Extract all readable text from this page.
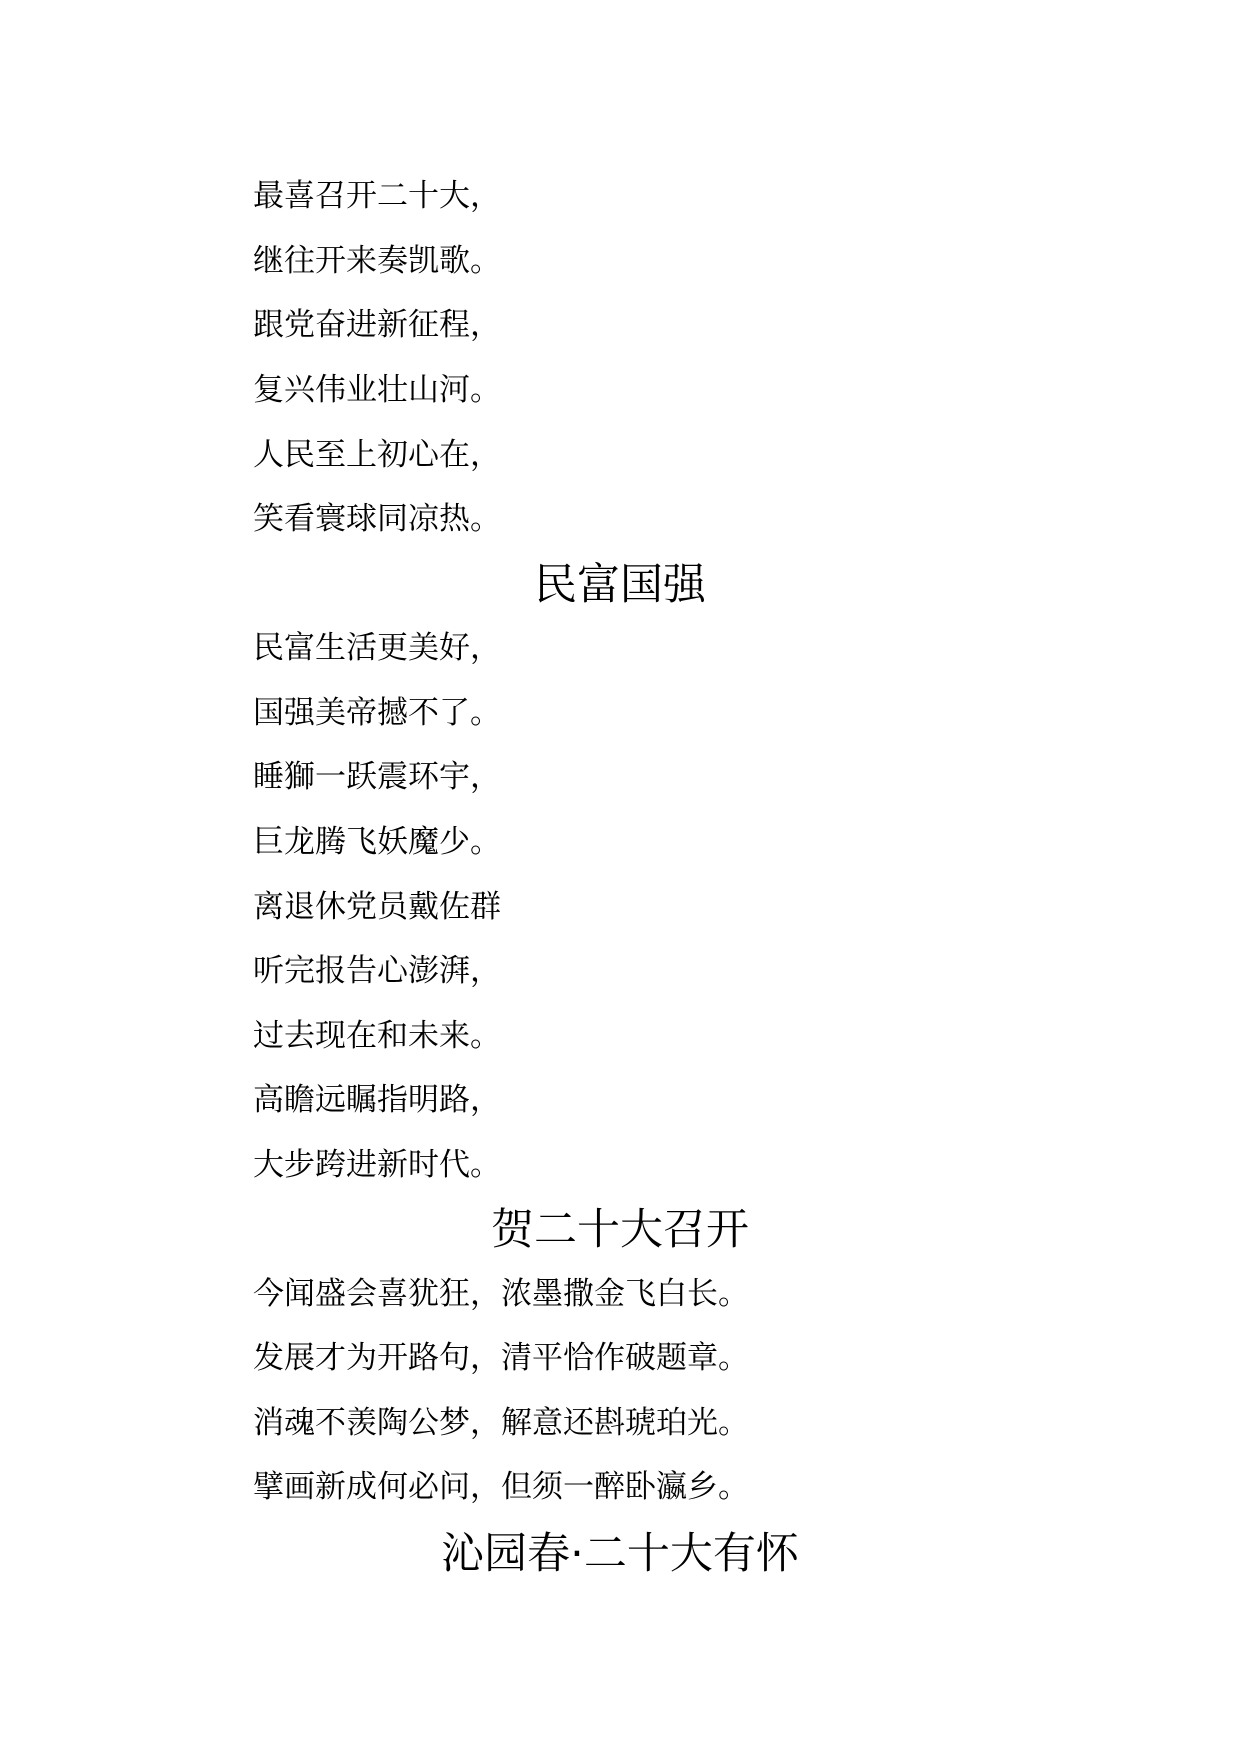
最喜召开二十大，
继往开来奏凯歌。
跟党奋进新征程，
复兴伟业壮山河。
人民至上初心在，
笑看寰球同凉热。
民富国强
民富生活更美好，
国强美帝撼不了。
睡獅一跃震环宇，
巨龙腾飞妖魔少。
离退休党员戴佐群
听完报告心澎湃，
过去现在和未来。
高瞻远瞩指明路，
大步跨进新时代。
贺二十大召开
今闻盛会喜犹狂，浓墨撒金飞白长。
发展才为开路句，清平恰作破题章。
消魂不羡陶公梦，解意还斟琥珀光。
擘画新成何必问，但须一醉卧瀛乡。
沁园春·二十大有怀
